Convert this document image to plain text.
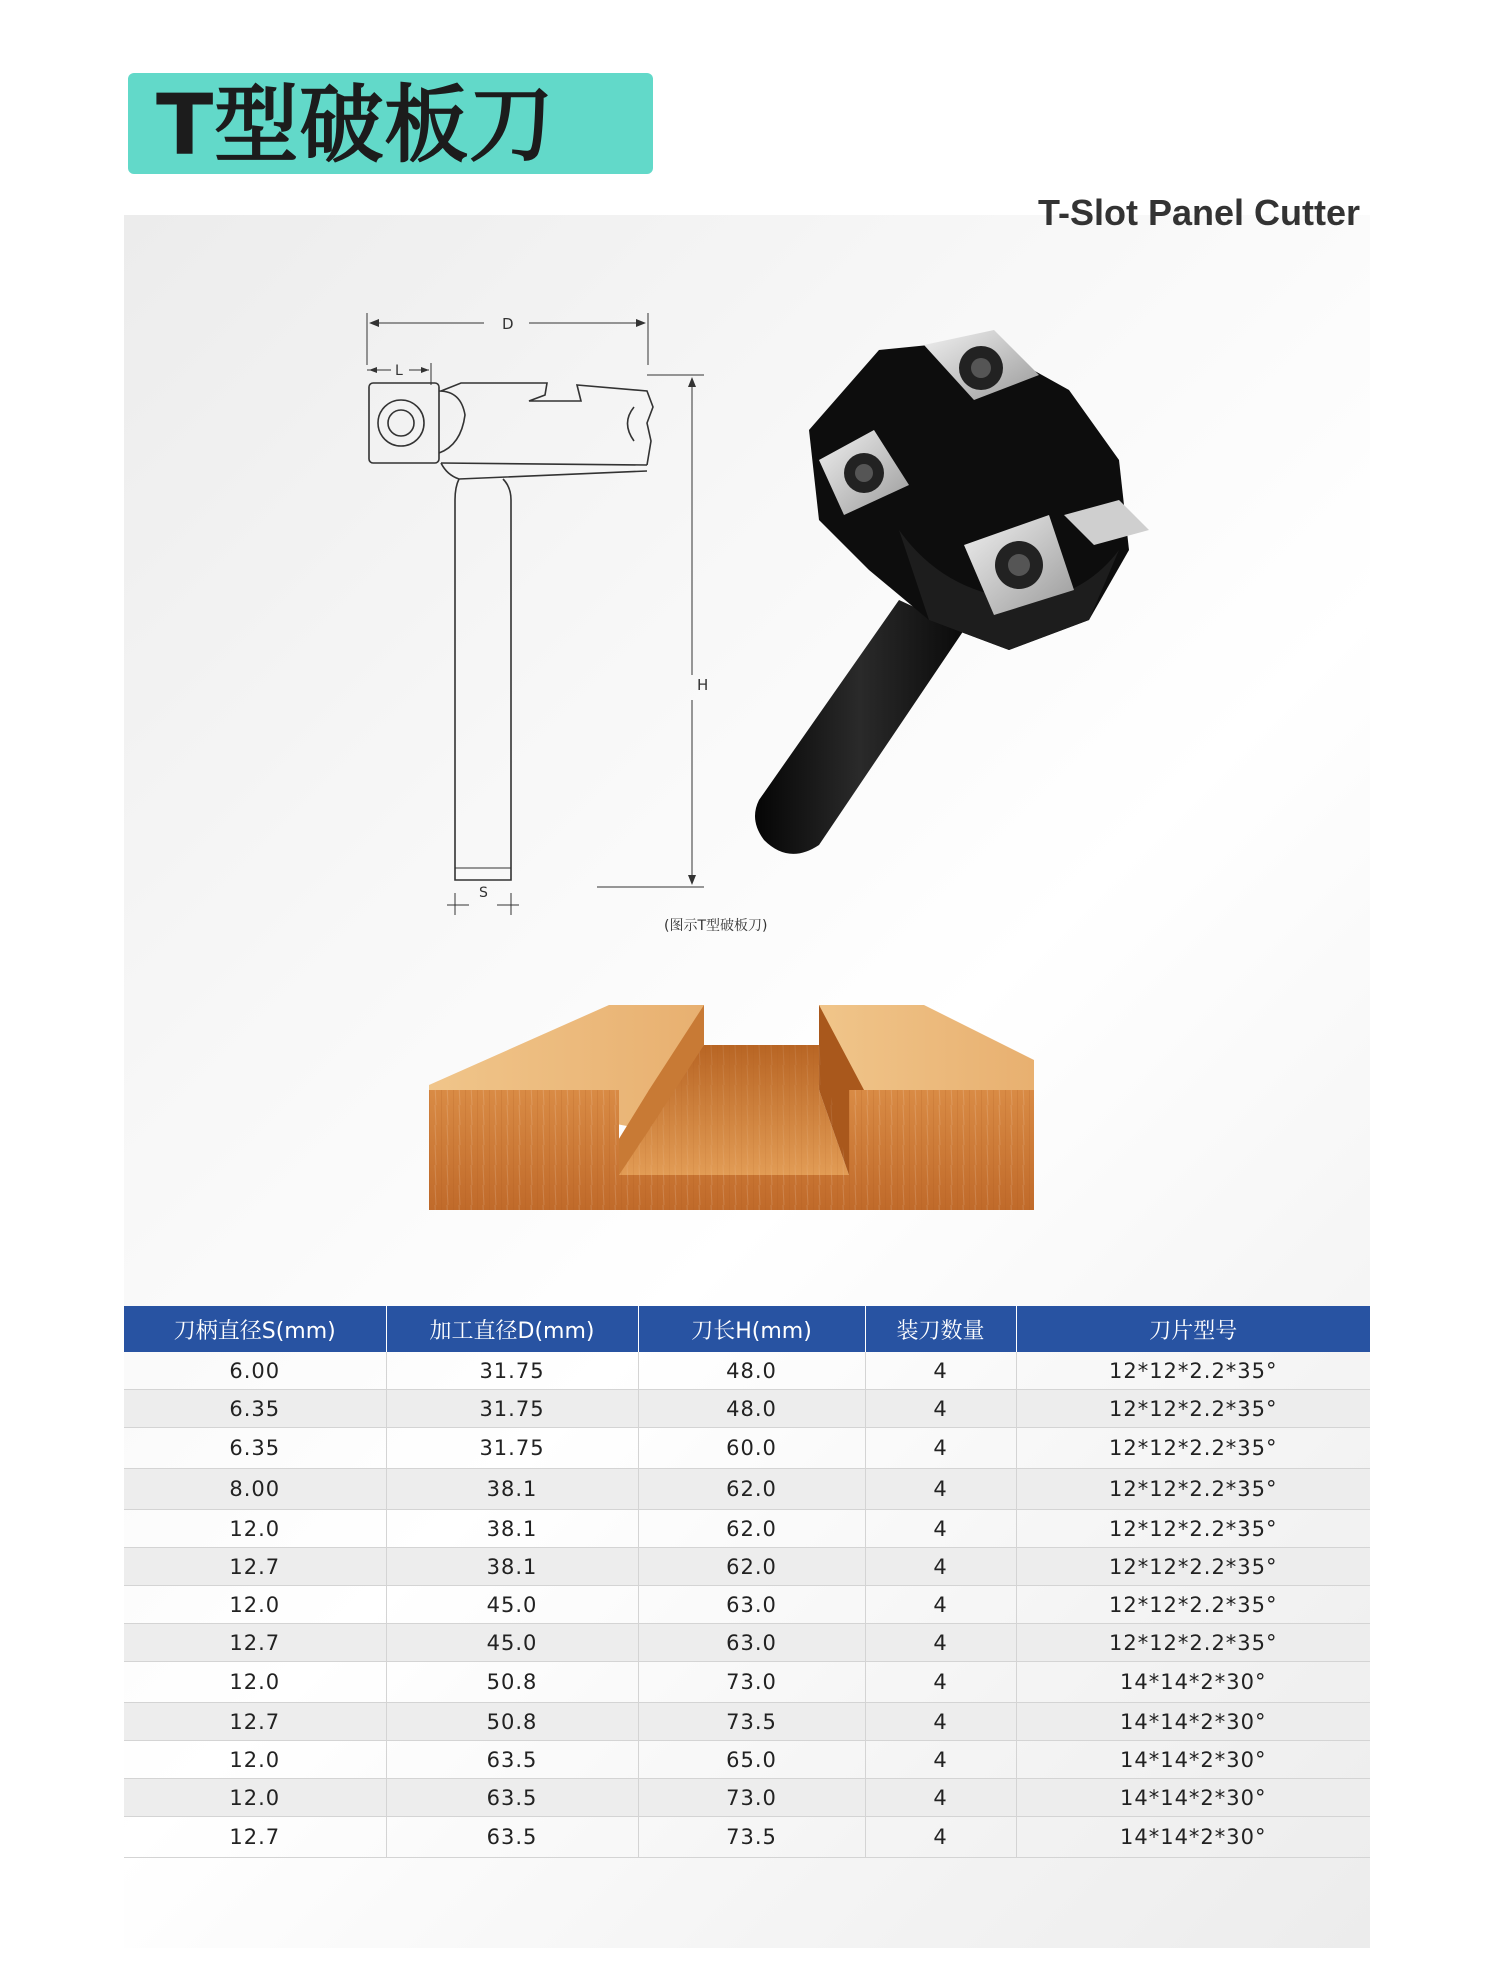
T型破板刀
T-Slot Panel Cutter
D
L
H
S
(图示T型破板刀)
刀柄直径S(mm)	加工直径D(mm)	刀长H(mm)	装刀数量	刀片型号
6.00	31.75	48.0	4	12*12*2.2*35°
6.35	31.75	48.0	4	12*12*2.2*35°
6.35	31.75	60.0	4	12*12*2.2*35°
8.00	38.1	62.0	4	12*12*2.2*35°
12.0	38.1	62.0	4	12*12*2.2*35°
12.7	38.1	62.0	4	12*12*2.2*35°
12.0	45.0	63.0	4	12*12*2.2*35°
12.7	45.0	63.0	4	12*12*2.2*35°
12.0	50.8	73.0	4	14*14*2*30°
12.7	50.8	73.5	4	14*14*2*30°
12.0	63.5	65.0	4	14*14*2*30°
12.0	63.5	73.0	4	14*14*2*30°
12.7	63.5	73.5	4	14*14*2*30°
